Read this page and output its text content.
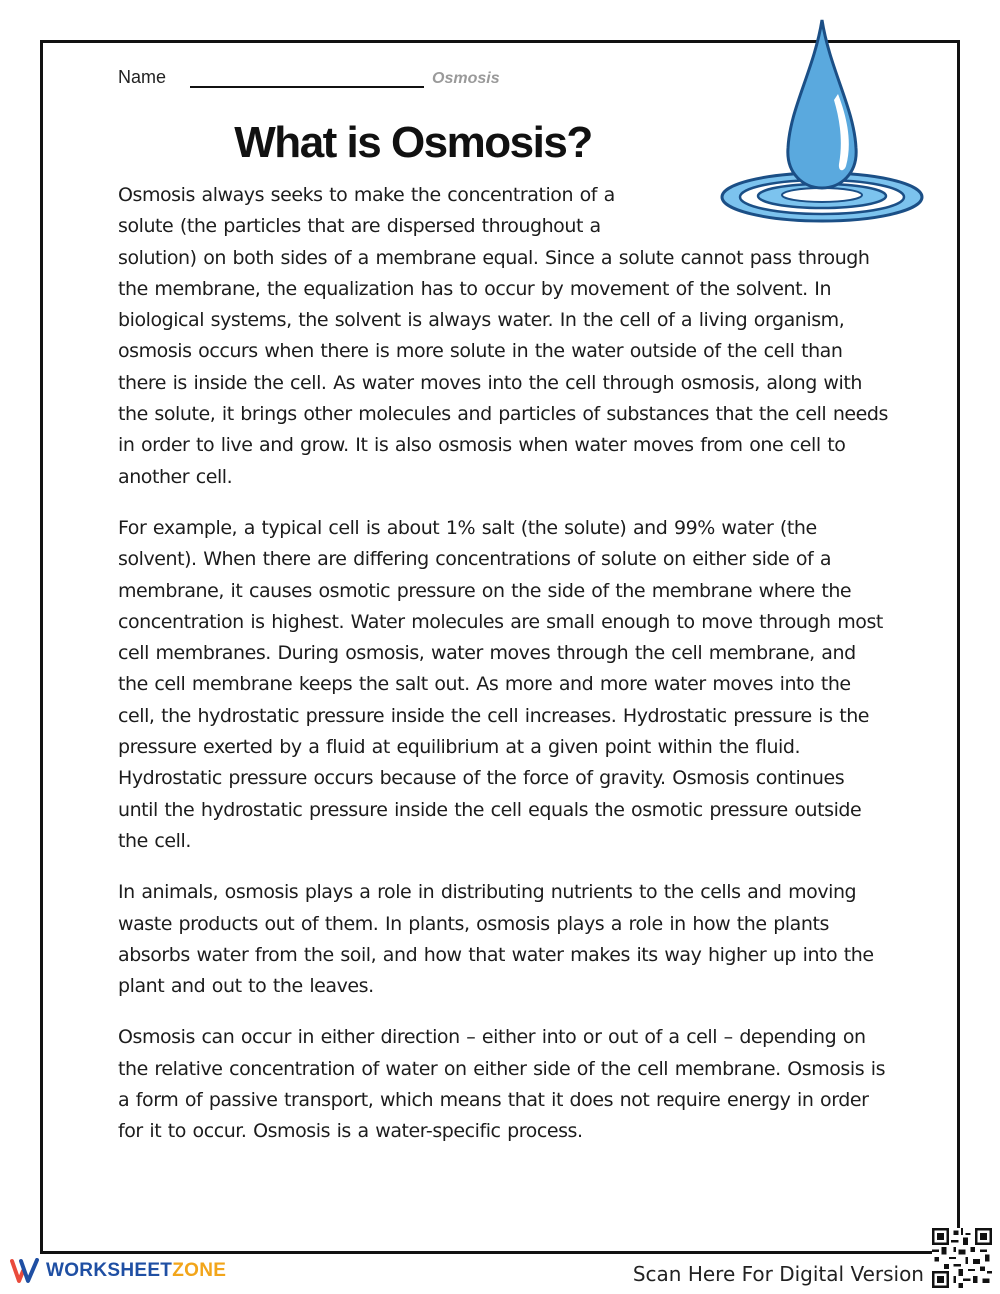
Name	Osmosis
What is Osmosis?

Osmosis always seeks to make the concentration of a solute (the particles that are dispersed throughout a solution) on both sides of a membrane equal. Since a solute cannot pass through the membrane, the equalization has to occur by movement of the solvent. In biological systems, the solvent is always water. In the cell of a living organism, osmosis occurs when there is more solute in the water outside of the cell than there is inside the cell. As water moves into the cell through osmosis, along with the solute, it brings other molecules and particles of substances that the cell needs in order to live and grow. It is also osmosis when water moves from one cell to another cell.

For example, a typical cell is about 1% salt (the solute) and 99% water (the solvent). When there are differing concentrations of solute on either side of a membrane, it causes osmotic pressure on the side of the membrane where the concentration is highest. Water molecules are small enough to move through most cell membranes. During osmosis, water moves through the cell membrane, and the cell membrane keeps the salt out. As more and more water moves into the cell, the hydrostatic pressure inside the cell increases. Hydrostatic pressure is the pressure exerted by a fluid at equilibrium at a given point within the fluid. Hydrostatic pressure occurs because of the force of gravity. Osmosis continues until the hydrostatic pressure inside the cell equals the osmotic pressure outside the cell.

In animals, osmosis plays a role in distributing nutrients to the cells and moving waste products out of them. In plants, osmosis plays a role in how the plants absorbs water from the soil, and how that water makes its way higher up into the plant and out to the leaves.

Osmosis can occur in either direction – either into or out of a cell – depending on the relative concentration of water on either side of the cell membrane. Osmosis is a form of passive transport, which means that it does not require energy in order for it to occur. Osmosis is a water-specific process.

WORKSHEETZONE	Scan Here For Digital Version
